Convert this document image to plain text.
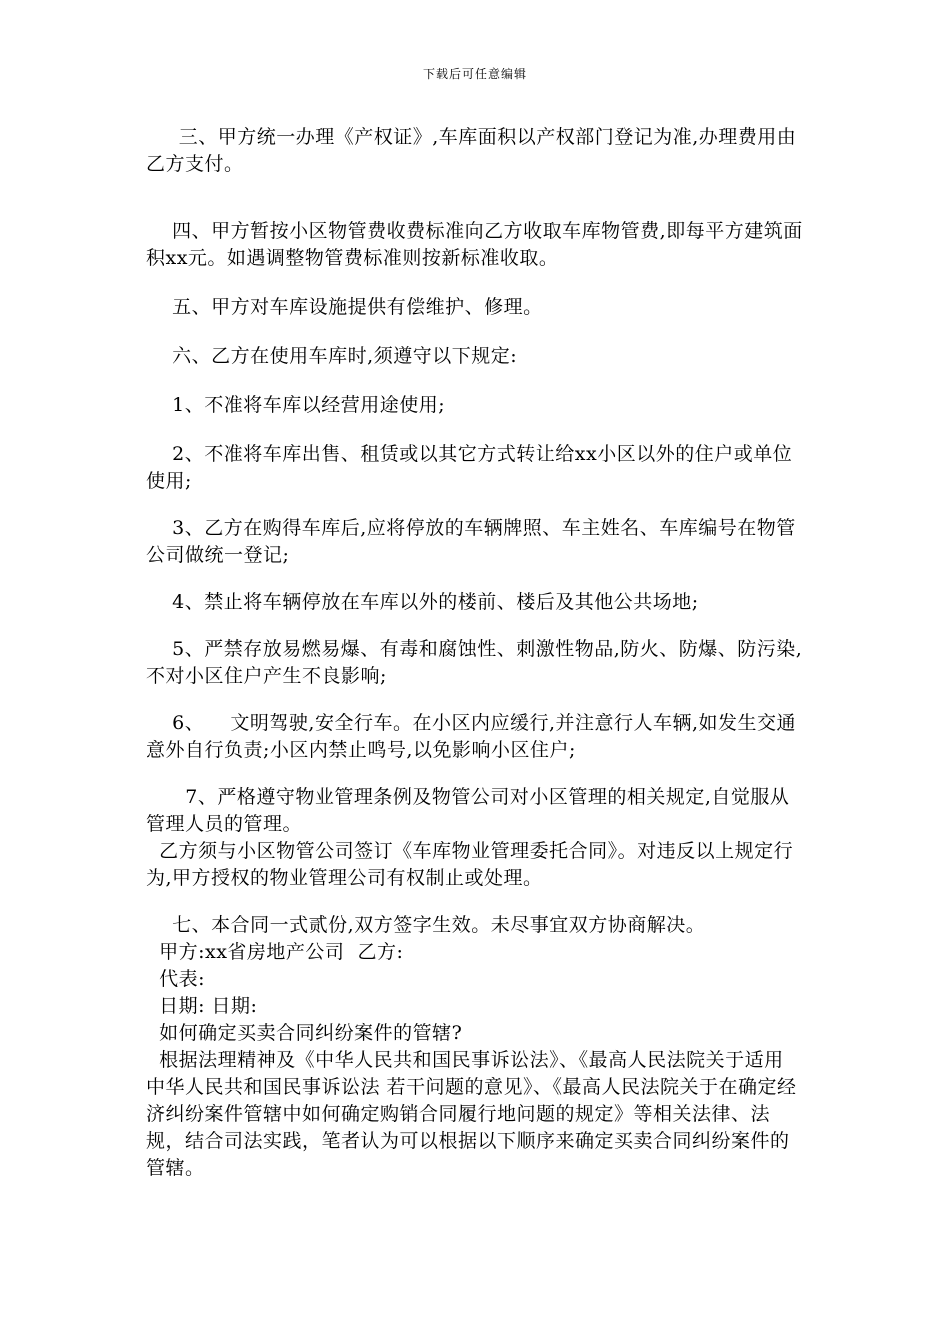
下载后可任意编辑

三、甲方统一办理《产权证》,车库面积以产权部门登记为准,办理费用由乙方支付。

四、甲方暂按小区物管费收费标准向乙方收取车库物管费,即每平方建筑面积xx元。如遇调整物管费标准则按新标准收取。

五、甲方对车库设施提供有偿维护、修理。

六、乙方在使用车库时,须遵守以下规定:

1、不准将车库以经营用途使用;

2、不准将车库出售、租赁或以其它方式转让给xx小区以外的住户或单位使用;

3、乙方在购得车库后,应将停放的车辆牌照、车主姓名、车库编号在物管公司做统一登记;

4、禁止将车辆停放在车库以外的楼前、楼后及其他公共场地;

5、严禁存放易燃易爆、有毒和腐蚀性、刺激性物品,防火、防爆、防污染,不对小区住户产生不良影响;

6、    文明驾驶,安全行车。在小区内应缓行,并注意行人车辆,如发生交通意外自行负责;小区内禁止鸣号,以免影响小区住户;

7、严格遵守物业管理条例及物管公司对小区管理的相关规定,自觉服从管理人员的管理。

乙方须与小区物管公司签订《车库物业管理委托合同》。对违反以上规定行为,甲方授权的物业管理公司有权制止或处理。

七、本合同一式贰份,双方签字生效。未尽事宜双方协商解决。

甲方:xx省房地产公司  乙方:

代表:

日期: 日期:

如何确定买卖合同纠纷案件的管辖?

根据法理精神及《中华人民共和国民事诉讼法》、《最高人民法院关于适用 中华人民共和国民事诉讼法 若干问题的意见》、《最高人民法院关于在确定经济纠纷案件管辖中如何确定购销合同履行地问题的规定》等相关法律、法规，结合司法实践，笔者认为可以根据以下顺序来确定买卖合同纠纷案件的管辖。
